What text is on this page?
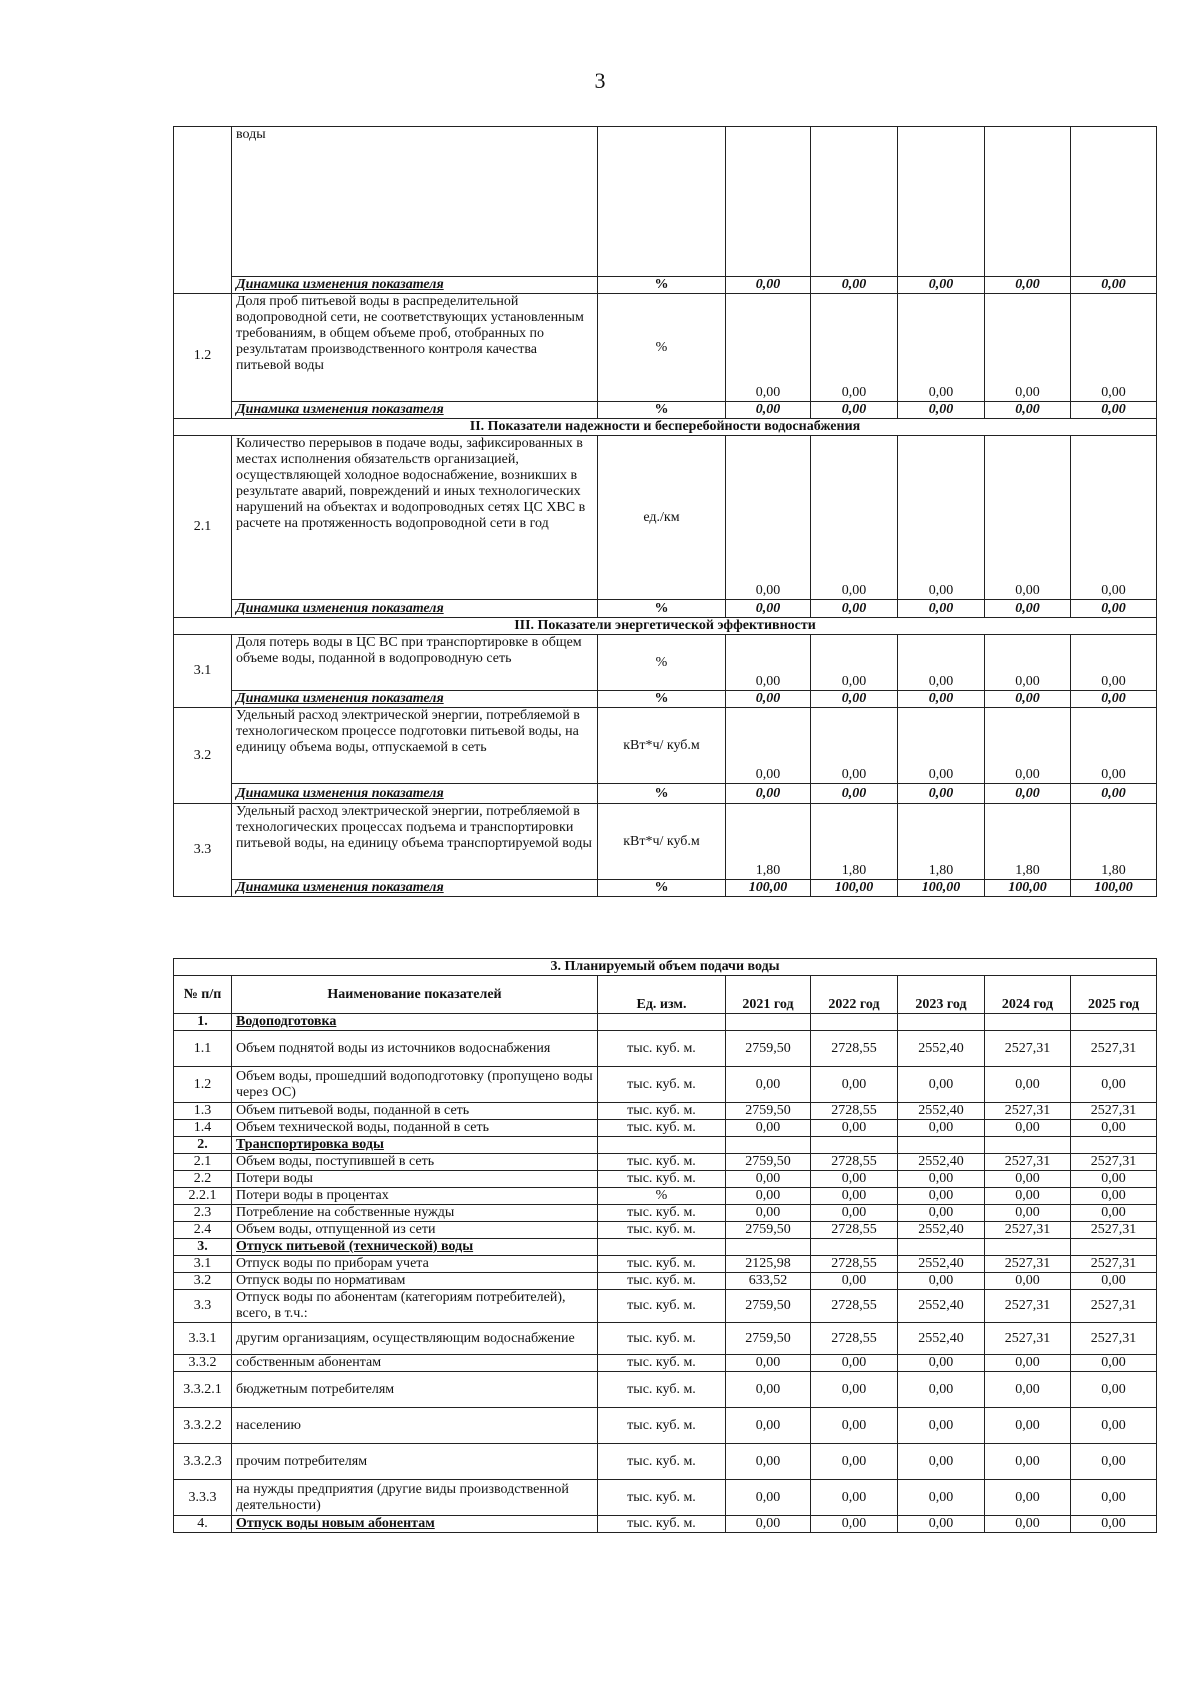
3
	воды						
	Динамика изменения показателя	%	0,00	0,00	0,00	0,00	0,00
1.2	Доля проб питьевой воды в распределительной водопроводной сети, не соответствующих установленным требованиям, в общем объеме проб, отобранных по результатам производственного контроля качества питьевой воды	%	0,00	0,00	0,00	0,00	0,00
	Динамика изменения показателя	%	0,00	0,00	0,00	0,00	0,00
II. Показатели надежности и бесперебойности водоснабжения							
2.1	Количество перерывов в подаче воды, зафиксированных в местах исполнения обязательств организацией, осуществляющей холодное водоснабжение, возникших в результате аварий, повреждений и иных технологических нарушений на объектах и водопроводных сетях ЦС ХВС в расчете на протяженность водопроводной сети в год	ед./км	0,00	0,00	0,00	0,00	0,00
	Динамика изменения показателя	%	0,00	0,00	0,00	0,00	0,00
III. Показатели энергетической эффективности							
3.1	Доля потерь воды в ЦС ВС при транспортировке в общем объеме воды, поданной в водопроводную сеть	%	0,00	0,00	0,00	0,00	0,00
	Динамика изменения показателя	%	0,00	0,00	0,00	0,00	0,00
3.2	Удельный расход электрической энергии, потребляемой в технологическом процессе подготовки питьевой воды, на единицу объема воды, отпускаемой в сеть	кВт*ч/ куб.м	0,00	0,00	0,00	0,00	0,00
	Динамика изменения показателя	%	0,00	0,00	0,00	0,00	0,00
3.3	Удельный расход электрической энергии, потребляемой в технологических процессах подъема и транспортировки питьевой воды, на единицу объема транспортируемой воды	кВт*ч/ куб.м	1,80	1,80	1,80	1,80	1,80
	Динамика изменения показателя	%	100,00	100,00	100,00	100,00	100,00
3. Планируемый объем подачи воды							
№ п/п	Наименование показателей	Ед. изм.	2021 год	2022 год	2023 год	2024 год	2025 год
1.	Водоподготовка						
1.1	Объем поднятой воды из источников водоснабжения	тыс. куб. м.	2759,50	2728,55	2552,40	2527,31	2527,31
1.2	Объем воды, прошедший водоподготовку (пропущено воды через ОС)	тыс. куб. м.	0,00	0,00	0,00	0,00	0,00
1.3	Объем питьевой воды, поданной в сеть	тыс. куб. м.	2759,50	2728,55	2552,40	2527,31	2527,31
1.4	Объем технической воды, поданной в сеть	тыс. куб. м.	0,00	0,00	0,00	0,00	0,00
2.	Транспортировка воды						
2.1	Объем воды, поступившей в сеть	тыс. куб. м.	2759,50	2728,55	2552,40	2527,31	2527,31
2.2	Потери воды	тыс. куб. м.	0,00	0,00	0,00	0,00	0,00
2.2.1	Потери воды в процентах	%	0,00	0,00	0,00	0,00	0,00
2.3	Потребление на собственные нужды	тыс. куб. м.	0,00	0,00	0,00	0,00	0,00
2.4	Объем воды, отпущенной из сети	тыс. куб. м.	2759,50	2728,55	2552,40	2527,31	2527,31
3.	Отпуск питьевой (технической) воды						
3.1	Отпуск воды по приборам учета	тыс. куб. м.	2125,98	2728,55	2552,40	2527,31	2527,31
3.2	Отпуск воды по нормативам	тыс. куб. м.	633,52	0,00	0,00	0,00	0,00
3.3	Отпуск воды по абонентам (категориям потребителей), всего, в т.ч.:	тыс. куб. м.	2759,50	2728,55	2552,40	2527,31	2527,31
3.3.1	другим организациям, осуществляющим водоснабжение	тыс. куб. м.	2759,50	2728,55	2552,40	2527,31	2527,31
3.3.2	собственным абонентам	тыс. куб. м.	0,00	0,00	0,00	0,00	0,00
3.3.2.1	бюджетным потребителям	тыс. куб. м.	0,00	0,00	0,00	0,00	0,00
3.3.2.2	населению	тыс. куб. м.	0,00	0,00	0,00	0,00	0,00
3.3.2.3	прочим потребителям	тыс. куб. м.	0,00	0,00	0,00	0,00	0,00
3.3.3	на нужды предприятия (другие виды производственной деятельности)	тыс. куб. м.	0,00	0,00	0,00	0,00	0,00
4.	Отпуск воды новым абонентам	тыс. куб. м.	0,00	0,00	0,00	0,00	0,00
